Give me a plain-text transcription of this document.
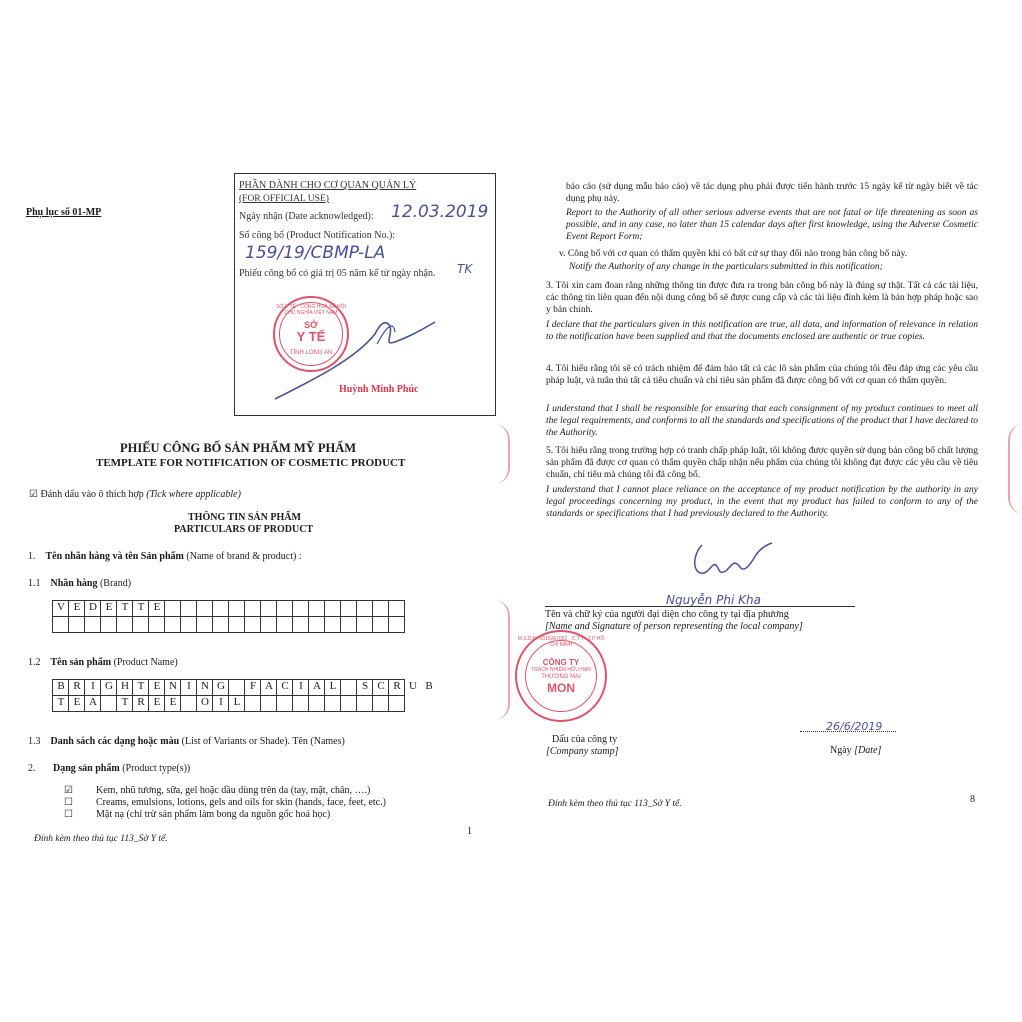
Phụ lục số 01-MP
PHẦN DÀNH CHO CƠ QUAN QUẢN LÝ
(FOR OFFICIAL USE)
Ngày nhận (Date acknowledged): 12.03.2019
Số công bố (Product Notification No.):
159/19/CBMP-LA
Phiếu công bố có giá trị 05 năm kể từ ngày nhận. TK
SỞ Y TẾ · CỘNG HOÀ XÃ HỘI CHỦ NGHĨA VIỆT NAM
SỞ
Y TẾ
TỈNH LONG AN
Huỳnh Minh Phúc
PHIẾU CÔNG BỐ SẢN PHẨM MỸ PHẨM
TEMPLATE FOR NOTIFICATION OF COSMETIC PRODUCT
☑ Đánh dấu vào ô thích hợp (Tick where applicable)
THÔNG TIN SẢN PHẨM
PARTICULARS OF PRODUCT
1. Tên nhãn hàng và tên Sản phẩm (Name of brand & product) :
1.1 Nhãn hàng (Brand)
V E D E T T E
1.2 Tên sản phẩm (Product Name)
B R I G H T E N I N G F A C I A L S C R U B
T E A T R E E O I L
1.3 Danh sách các dạng hoặc màu (List of Variants or Shade). Tên (Names)
2. Dạng sản phẩm (Product type(s))
☑ Kem, nhũ tương, sữa, gel hoặc dầu dùng trên da (tay, mặt, chân, ….)
☐ Creams, emulsions, lotions, gels and oils for skin (hands, face, feet, etc.)
☐ Mặt nạ (chỉ trừ sản phẩm làm bong da nguồn gốc hoá học)
1
Đính kèm theo thủ tục 113_Sở Y tế.
báo cáo (sử dụng mẫu báo cáo) về tác dụng phụ phải được tiến hành trước 15 ngày kể từ ngày biết về tác dụng phụ này.
Report to the Authority of all other serious adverse events that are not fatal or life threatening as soon as possible, and in any case, no later than 15 calendar days after first knowledge, using the Adverse Cosmetic Event Report Form;
v. Công bố với cơ quan có thẩm quyền khi có bất cứ sự thay đổi nào trong bản công bố này.
Notify the Authority of any change in the particulars submitted in this notification;
3. Tôi xin cam đoan rằng những thông tin được đưa ra trong bản công bố này là đúng sự thật. Tất cả các tài liệu, các thông tin liên quan đến nội dung công bố sẽ được cung cấp và các tài liệu đính kèm là bản hợp pháp hoặc sao y bản chính.
I declare that the particulars given in this notification are true, all data, and information of relevance in relation to the notification have been supplied and that the documents enclosed are authentic or true copies.
4. Tôi hiểu rằng tôi sẽ có trách nhiệm để đảm bảo tất cả các lô sản phẩm của chúng tôi đều đáp ứng các yêu cầu pháp luật, và tuân thủ tất cả tiêu chuẩn và chỉ tiêu sản phẩm đã được công bố với cơ quan có thẩm quyền.
I understand that I shall be responsible for ensuring that each consignment of my product continues to meet all the legal requirements, and conforms to all the standards and specifications of the product that I have declared to the Authority.
5. Tôi hiểu rằng trong trường hợp có tranh chấp pháp luật, tôi không được quyền sử dụng bản công bố chất lượng sản phẩm đã được cơ quan có thẩm quyền chấp nhận nếu phẩm của chúng tôi không đạt được các yêu cầu về tiêu chuẩn, chỉ tiêu mà chúng tôi đã công bố.
I understand that I cannot place reliance on the acceptance of my product notification by the authority in any legal proceedings concerning my product, in the event that my product has failed to conform to any of the standards or specifications that I had previously declared to the Authority.
Nguyễn Phi Kha
Tên và chữ ký của người đại diện cho công ty tại địa phương
[Name and Signature of person representing the local company]
M.S.D.N: 0315067052 · C.T.Y · T.P HỒ CHÍ MINH
CÔNG TY
TRÁCH NHIỆM HỮU HẠN
THƯƠNG MẠI
MON
26/6/2019
Dấu của công ty
[Company stamp]	Ngày [Date]
Đính kèm theo thủ tục 113_Sở Y tế.	8
